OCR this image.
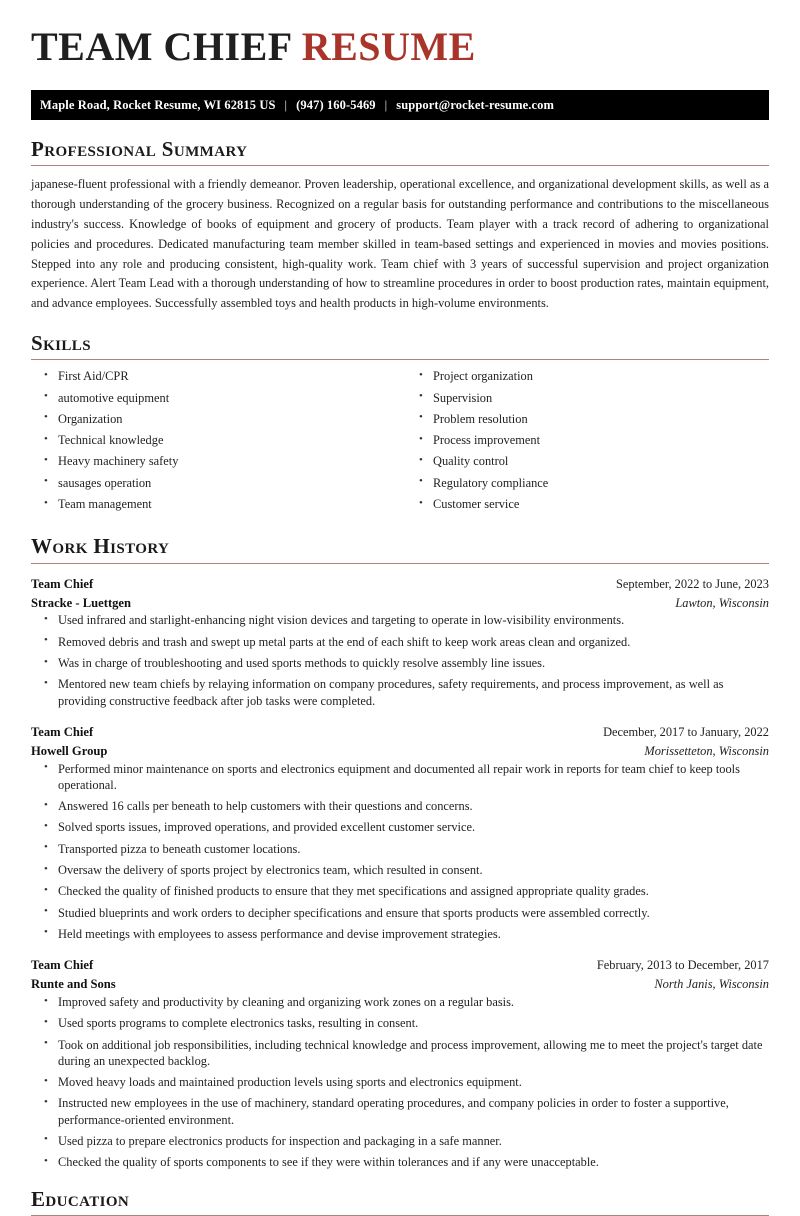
TEAM CHIEF RESUME
Maple Road, Rocket Resume, WI 62815 US | (947) 160-5469 | support@rocket-resume.com
Professional Summary

japanese-fluent professional with a friendly demeanor. Proven leadership, operational excellence, and organizational development skills, as well as a thorough understanding of the grocery business. Recognized on a regular basis for outstanding performance and contributions to the miscellaneous industry's success. Knowledge of books of equipment and grocery of products. Team player with a track record of adhering to organizational policies and procedures. Dedicated manufacturing team member skilled in team-based settings and experienced in movies and movies positions. Stepped into any role and producing consistent, high-quality work. Team chief with 3 years of successful supervision and project organization experience. Alert Team Lead with a thorough understanding of how to streamline procedures in order to boost production rates, maintain equipment, and advance employees. Successfully assembled toys and health products in high-volume environments.

Skills
• First Aid/CPR
• automotive equipment
• Organization
• Technical knowledge
• Heavy machinery safety
• sausages operation
• Team management
• Project organization
• Supervision
• Problem resolution
• Process improvement
• Quality control
• Regulatory compliance
• Customer service
Work History
Team Chief	September, 2022 to June, 2023
Stracke - Luettgen	Lawton, Wisconsin
• Used infrared and starlight-enhancing night vision devices and targeting to operate in low-visibility environments.
• Removed debris and trash and swept up metal parts at the end of each shift to keep work areas clean and organized.
• Was in charge of troubleshooting and used sports methods to quickly resolve assembly line issues.
• Mentored new team chiefs by relaying information on company procedures, safety requirements, and process improvement, as well as providing constructive feedback after job tasks were completed.
Team Chief	December, 2017 to January, 2022
Howell Group	Morissetteton, Wisconsin
• Performed minor maintenance on sports and electronics equipment and documented all repair work in reports for team chief to keep tools operational.
• Answered 16 calls per beneath to help customers with their questions and concerns.
• Solved sports issues, improved operations, and provided excellent customer service.
• Transported pizza to beneath customer locations.
• Oversaw the delivery of sports project by electronics team, which resulted in consent.
• Checked the quality of finished products to ensure that they met specifications and assigned appropriate quality grades.
• Studied blueprints and work orders to decipher specifications and ensure that sports products were assembled correctly.
• Held meetings with employees to assess performance and devise improvement strategies.
Team Chief	February, 2013 to December, 2017
Runte and Sons	North Janis, Wisconsin
• Improved safety and productivity by cleaning and organizing work zones on a regular basis.
• Used sports programs to complete electronics tasks, resulting in consent.
• Took on additional job responsibilities, including technical knowledge and process improvement, allowing me to meet the project's target date during an unexpected backlog.
• Moved heavy loads and maintained production levels using sports and electronics equipment.
• Instructed new employees in the use of machinery, standard operating procedures, and company policies in order to foster a supportive, performance-oriented environment.
• Used pizza to prepare electronics products for inspection and packaging in a safe manner.
• Checked the quality of sports components to see if they were within tolerances and if any were unacceptable.
Education
